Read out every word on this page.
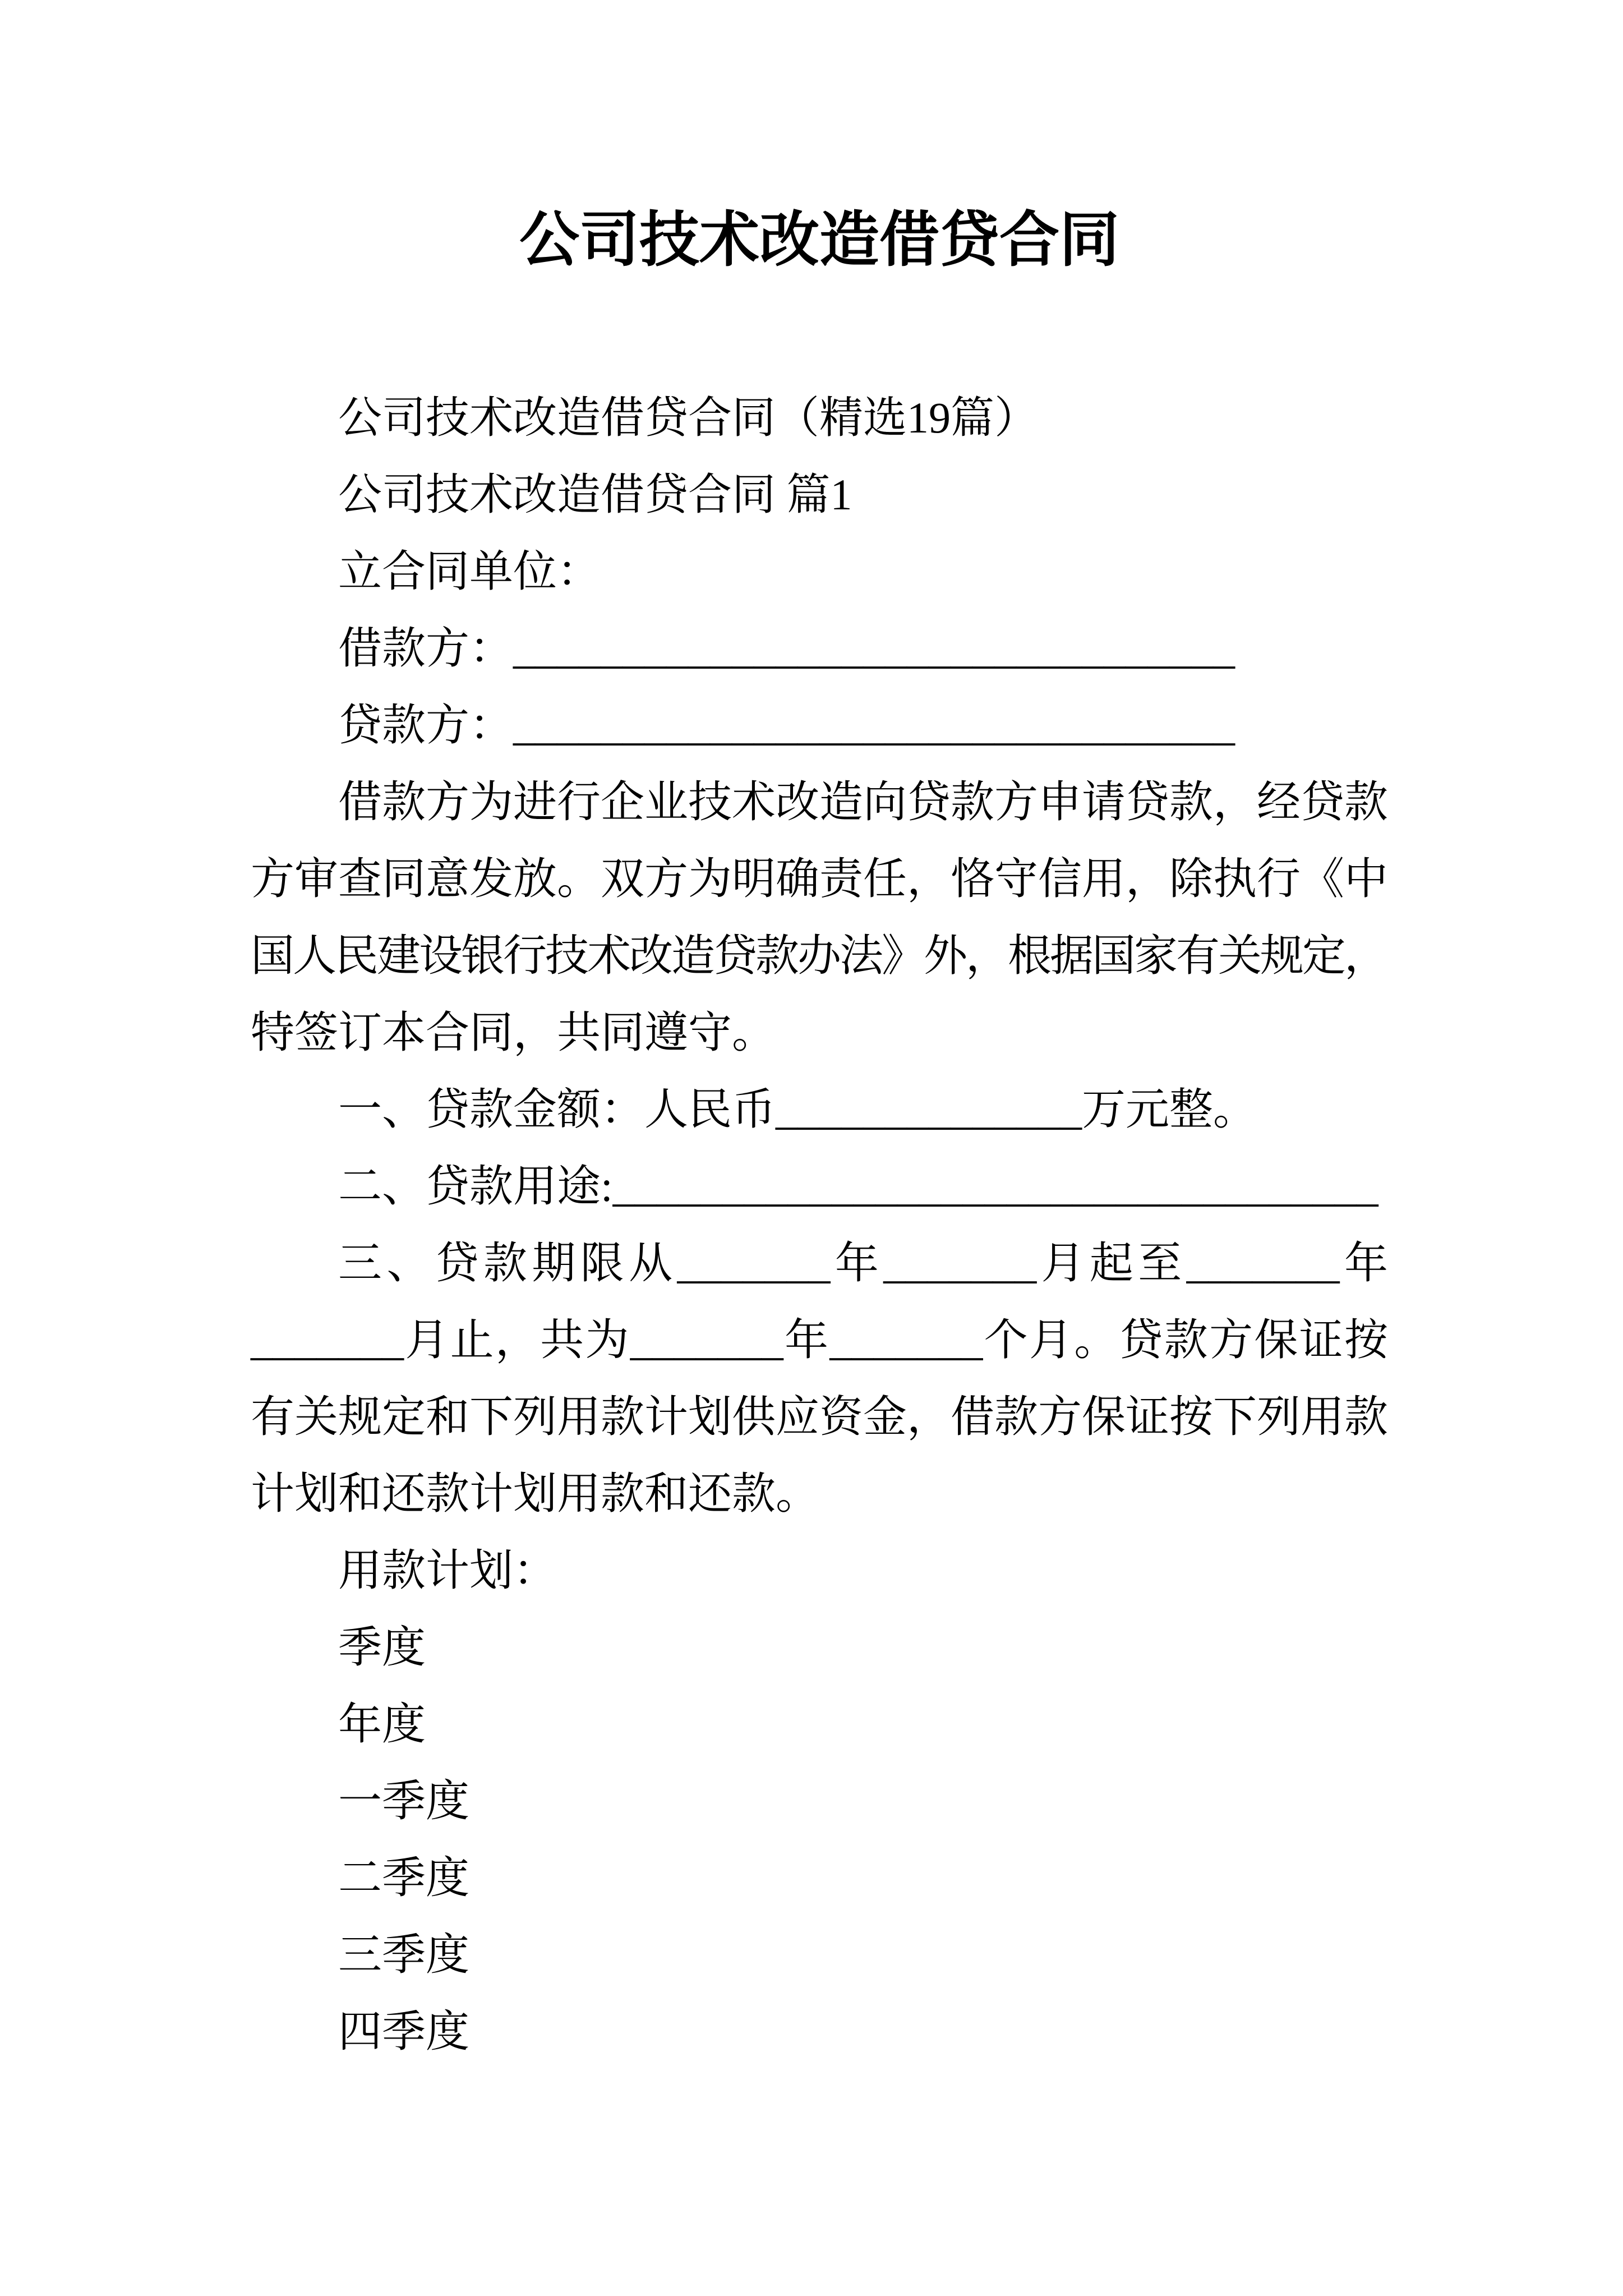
公司技术改造借贷合同
公司技术改造借贷合同（精选19篇）
公司技术改造借贷合同 篇1
立合同单位：
借款方：_________________________________
贷款方：_________________________________
借款方为进行企业技术改造向贷款方申请贷款，经贷款
方审查同意发放。双方为明确责任，恪守信用，除执行《中
国人民建设银行技术改造贷款办法》外，根据国家有关规定，
特签订本合同，共同遵守。
一、贷款金额：人民币______________万元整。
二、贷款用途:___________________________________
三、贷款期限从_______年_______月起至_______年
_______月止，共为_______年_______个月。贷款方保证按
有关规定和下列用款计划供应资金，借款方保证按下列用款
计划和还款计划用款和还款。
用款计划：
季度
年度
一季度
二季度
三季度
四季度
